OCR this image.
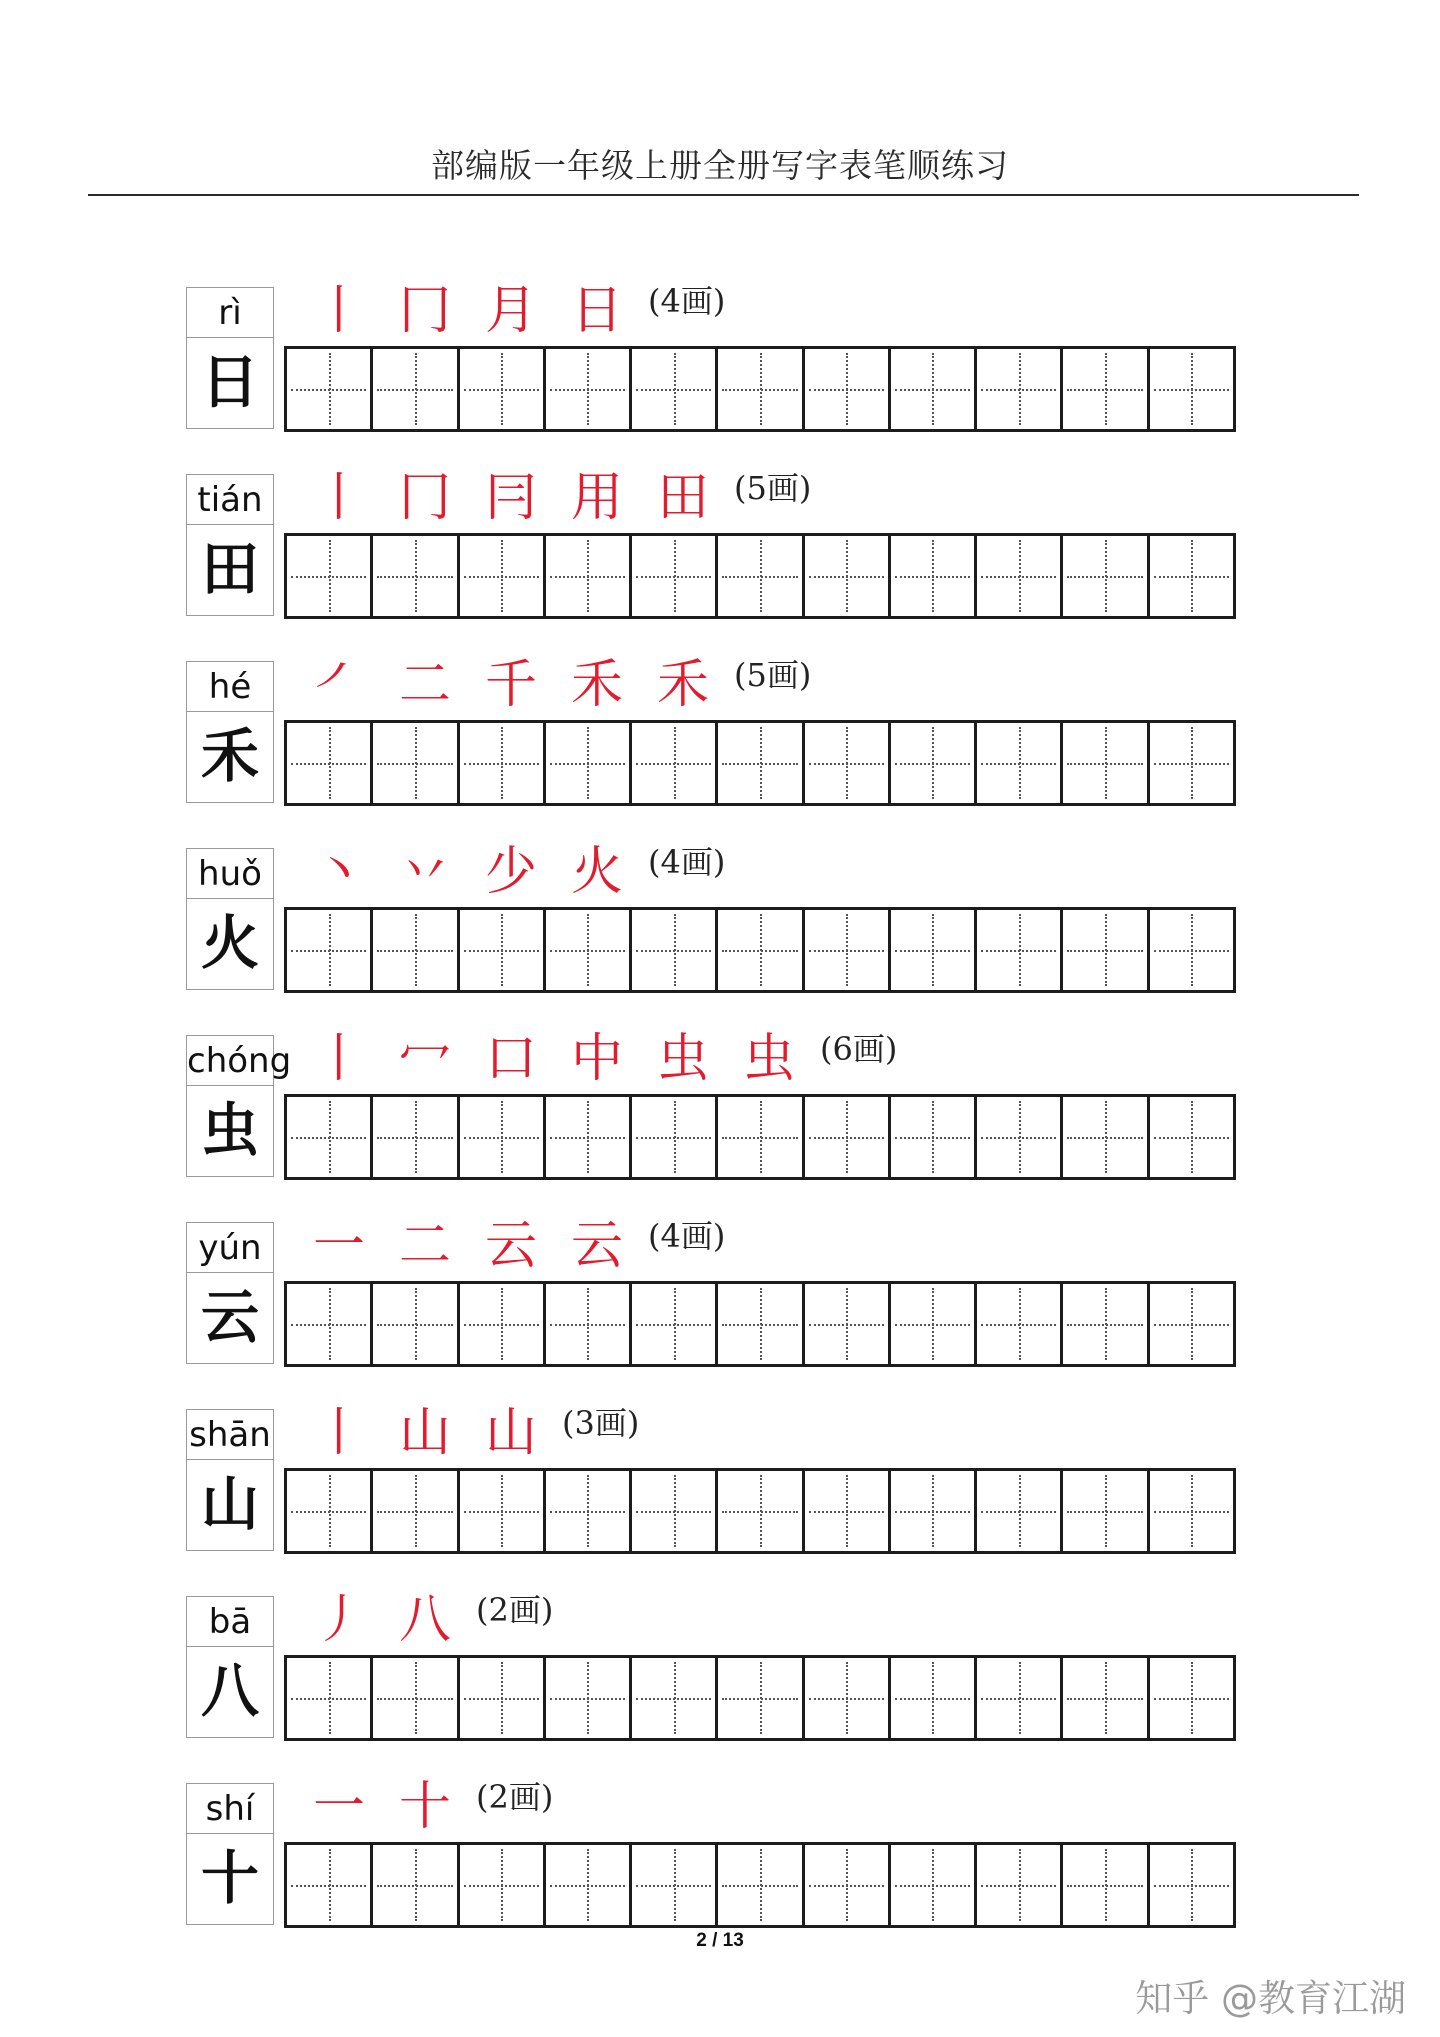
部编版一年级上册全册写字表笔顺练习
rì
日
丨 冂 月 日 (4画)
tián
田
丨 冂 冃 用 田 (5画)
hé
禾
㇒ 二 千 禾 禾 (5画)
huǒ
火
丶 丷 少 火 (4画)
chóng
虫
丨 冖 口 中 虫 虫 (6画)
yún
云
一 二 云 云 (4画)
shān
山
丨 山 山 (3画)
bā
八
丿 八 (2画)
shí
十
一 十 (2画)
2 / 13
知乎 @教育江湖
